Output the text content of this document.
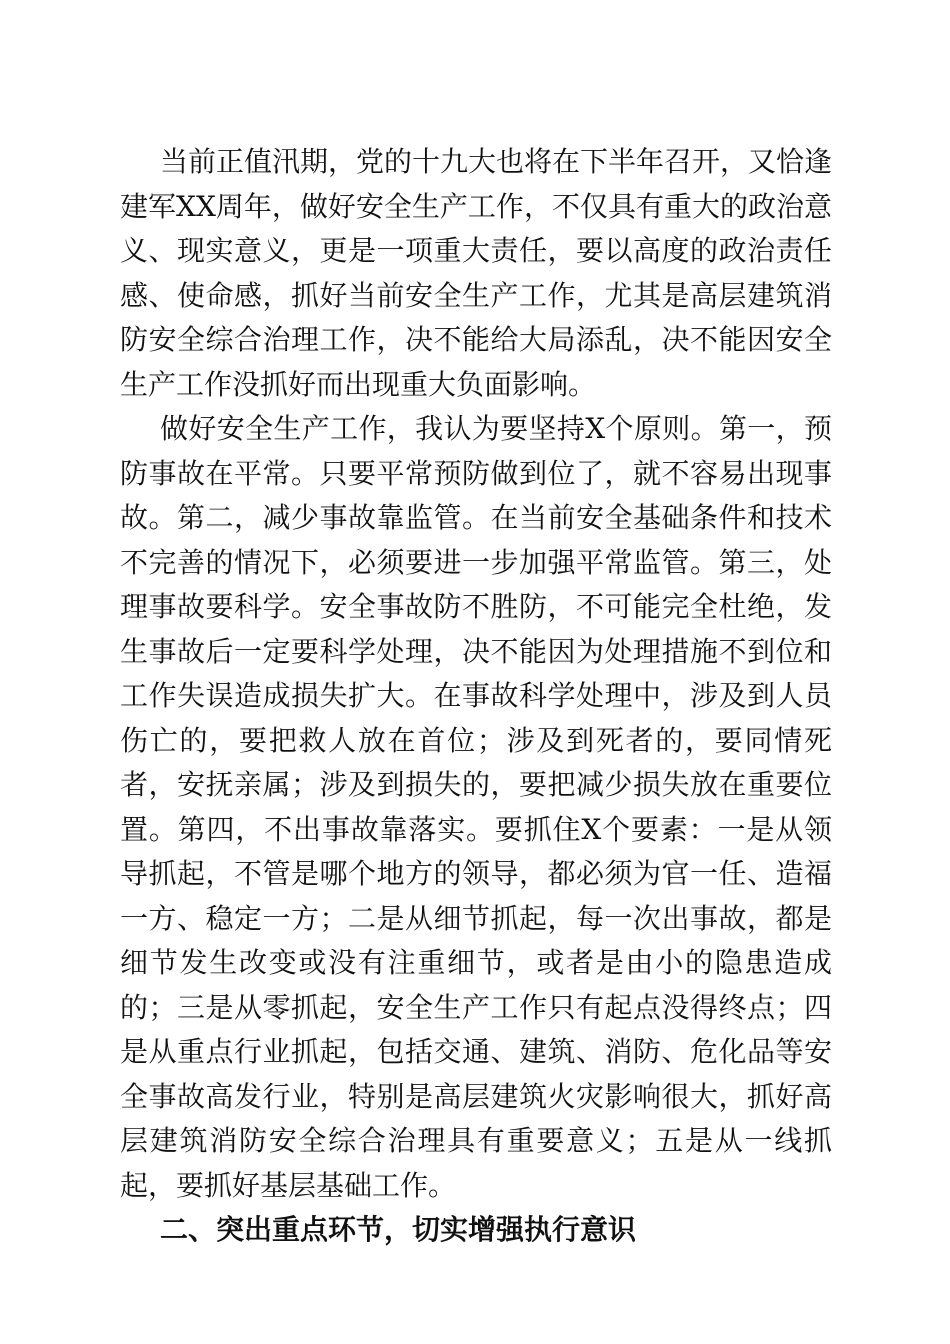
当前正值汛期，党的十九大也将在下半年召开，又恰逢建军XX周年，做好安全生产工作，不仅具有重大的政治意义、现实意义，更是一项重大责任，要以高度的政治责任感、使命感，抓好当前安全生产工作，尤其是高层建筑消防安全综合治理工作，决不能给大局添乱，决不能因安全生产工作没抓好而出现重大负面影响。

做好安全生产工作，我认为要坚持X个原则。第一，预防事故在平常。只要平常预防做到位了，就不容易出现事故。第二，减少事故靠监管。在当前安全基础条件和技术不完善的情况下，必须要进一步加强平常监管。第三，处理事故要科学。安全事故防不胜防，不可能完全杜绝，发生事故后一定要科学处理，决不能因为处理措施不到位和工作失误造成损失扩大。在事故科学处理中，涉及到人员伤亡的，要把救人放在首位；涉及到死者的，要同情死者，安抚亲属；涉及到损失的，要把减少损失放在重要位置。第四，不出事故靠落实。要抓住X个要素：一是从领导抓起，不管是哪个地方的领导，都必须为官一任、造福一方、稳定一方；二是从细节抓起，每一次出事故，都是细节发生改变或没有注重细节，或者是由小的隐患造成的；三是从零抓起，安全生产工作只有起点没得终点；四是从重点行业抓起，包括交通、建筑、消防、危化品等安全事故高发行业，特别是高层建筑火灾影响很大，抓好高层建筑消防安全综合治理具有重要意义；五是从一线抓起，要抓好基层基础工作。

二、突出重点环节，切实增强执行意识
